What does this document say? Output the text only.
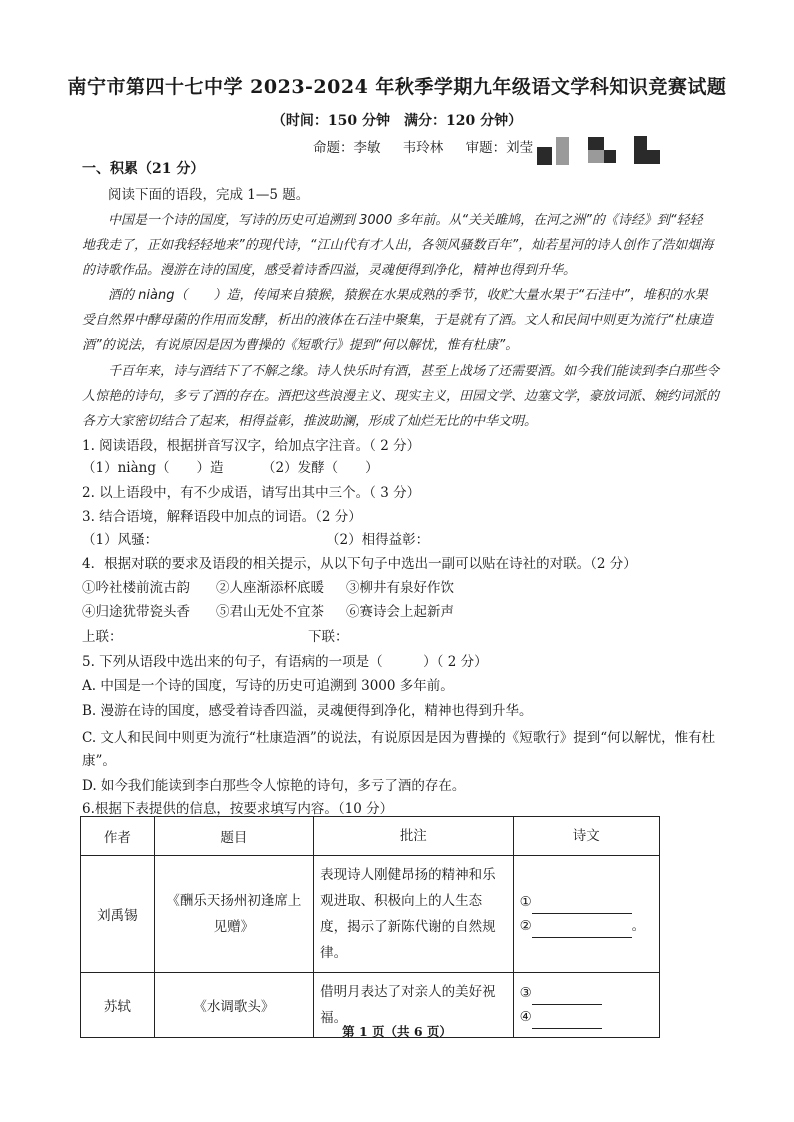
南宁市第四十七中学 2023-2024 年秋季学期九年级语文学科知识竞赛试题
（时间：150 分钟　满分：120 分钟）
命题：李敏 韦玲林 审题：刘莹
一、积累（21 分）
阅读下面的语段，完成 1—5 题。
中国是一个诗的国度，写诗的历史可追溯到 3000 多年前。从“关关雎鸠，在河之洲”的《诗经》到“轻轻
地我走了，正如我轻轻地来”的现代诗，“江山代有才人出，各领风骚数百年”，灿若星河的诗人创作了浩如烟海
的诗歌作品。漫游在诗的国度，感受着诗香四溢，灵魂便得到净化，精神也得到升华。
酒的 niàng（　　）造，传闻来自猿猴，猿猴在水果成熟的季节，收贮大量水果于“石洼中”，堆积的水果
受自然界中酵母菌的作用而发酵，析出的液体在石洼中聚集，于是就有了酒。文人和民间中则更为流行“杜康造
酒”的说法，有说原因是因为曹操的《短歌行》提到“何以解忧，惟有杜康”。
千百年来，诗与酒结下了不解之缘。诗人快乐时有酒，甚至上战场了还需要酒。如今我们能读到李白那些令
人惊艳的诗句，多亏了酒的存在。酒把这些浪漫主义、现实主义，田园文学、边塞文学，豪放词派、婉约词派的
各方大家密切结合了起来，相得益彰，推波助澜，形成了灿烂无比的中华文明。
1. 阅读语段，根据拼音写汉字，给加点字注音。（ 2 分）
（1）niàng（　　）造	（2）发酵（　　）
2. 以上语段中，有不少成语，请写出其中三个。（ 3 分）
3. 结合语境，解释语段中加点的词语。（2 分）
（1）风骚：	（2）相得益彰：
4．根据对联的要求及语段的相关提示，从以下句子中选出一副可以贴在诗社的对联。（2 分）
①吟社楼前流古韵 ②人座渐添杯底暖 ③柳井有泉好作饮
④归途犹带瓷头香 ⑤君山无处不宜茶 ⑥赛诗会上起新声
上联：	下联：
5. 下列从语段中选出来的句子，有语病的一项是（　　　）（ 2 分）
A. 中国是一个诗的国度，写诗的历史可追溯到 3000 多年前。
B. 漫游在诗的国度，感受着诗香四溢，灵魂便得到净化，精神也得到升华。
C. 文人和民间中则更为流行“杜康造酒”的说法，有说原因是因为曹操的《短歌行》提到“何以解忧，惟有杜
康”。
D. 如今我们能读到李白那些令人惊艳的诗句，多亏了酒的存在。
6.根据下表提供的信息，按要求填写内容。（10 分）
作者	题目	批注	诗文
刘禹锡	《酬乐天扬州初逢席上见赠》	表现诗人刚健昂扬的精神和乐观进取、积极向上的人生态度，揭示了新陈代谢的自然规律。	①
② 。

苏轼	《水调歌头》	借明月表达了对亲人的美好祝福。	③
④
第 1 页（共 6 页）
